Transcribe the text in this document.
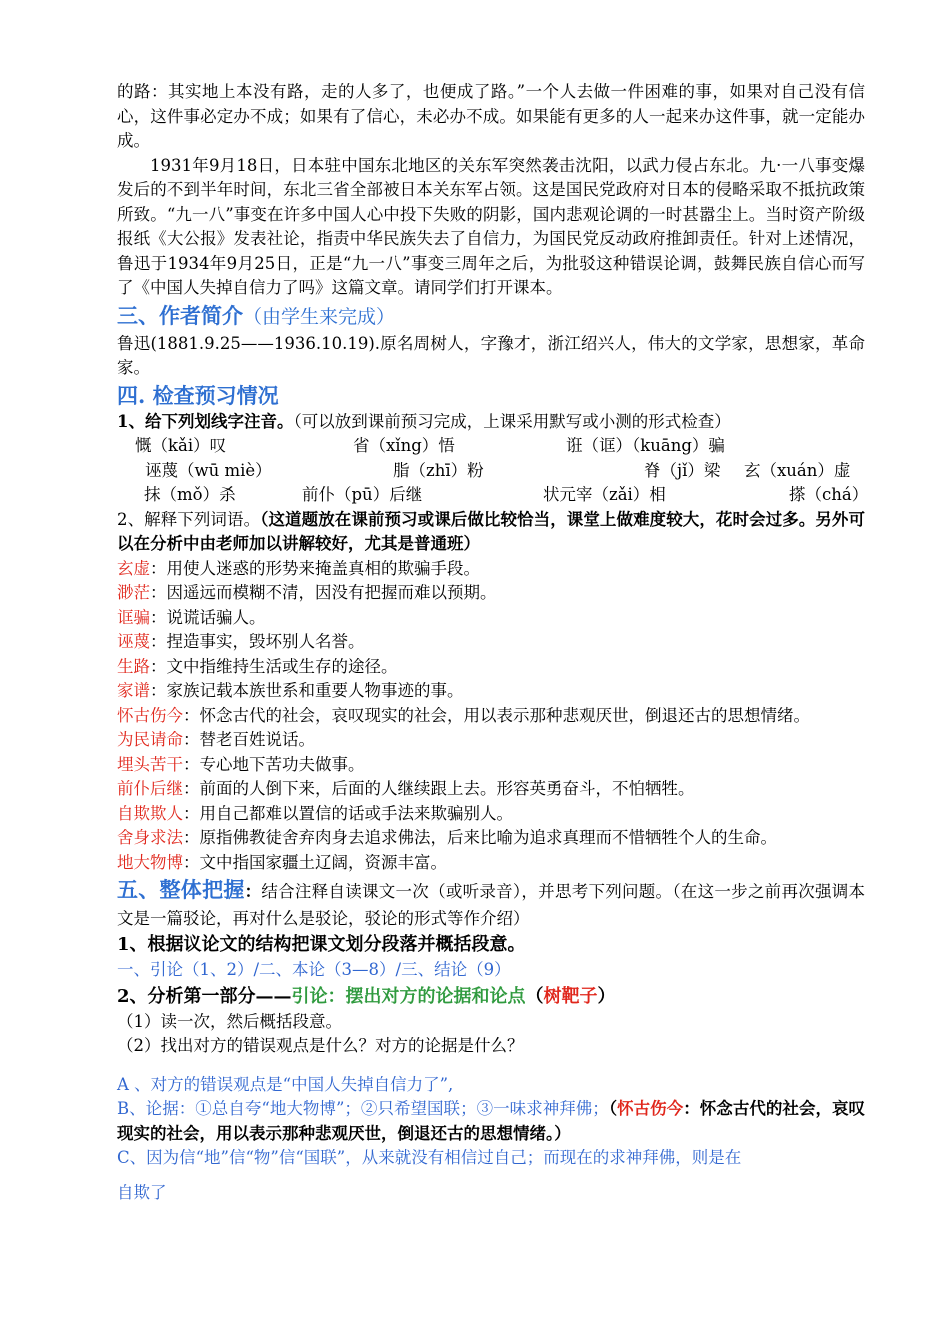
的路：其实地上本没有路，走的人多了，也便成了路。”一个人去做一件困难的事，如果对自己没有信心，这件事必定办不成；如果有了信心，未必办不成。如果能有更多的人一起来办这件事，就一定能办成。

1931年9月18日，日本驻中国东北地区的关东军突然袭击沈阳，以武力侵占东北。九·一八事变爆发后的不到半年时间，东北三省全部被日本关东军占领。这是国民党政府对日本的侵略采取不抵抗政策所致。“九一八”事变在许多中国人心中投下失败的阴影，国内悲观论调的一时甚嚣尘上。当时资产阶级报纸《大公报》发表社论，指责中华民族失去了自信力，为国民党反动政府推卸责任。针对上述情况，鲁迅于1934年9月25日，正是“九一八”事变三周年之后，为批驳这种错误论调，鼓舞民族自信心而写了《中国人失掉自信力了吗》这篇文章。请同学们打开课本。

三、作者简介（由学生来完成）

鲁迅(1881.9.25——1936.10.19).原名周树人，字豫才，浙江绍兴人，伟大的文学家，思想家，革命家。

四. 检查预习情况

1、给下列划线字注音。（可以放到课前预习完成，上课采用默写或小测的形式检查）

慨（kǎi）叹	省（xǐng）悟	诳（诓）（kuāng）骗
诬蔑（wū miè）	脂（zhī）粉	脊（jǐ）梁 玄（xuán）虚
抹（mǒ）杀	前仆（pū）后继	状元宰（zǎi）相	搽（chá）

2、解释下列词语。（这道题放在课前预习或课后做比较恰当，课堂上做难度较大，花时会过多。另外可以在分析中由老师加以讲解较好，尤其是普通班）

玄虚：用使人迷惑的形势来掩盖真相的欺骗手段。

渺茫：因遥远而模糊不清，因没有把握而难以预期。

诓骗：说谎话骗人。

诬蔑：捏造事实，毁坏别人名誉。

生路：文中指维持生活或生存的途径。

家谱：家族记载本族世系和重要人物事迹的事。

怀古伤今：怀念古代的社会，哀叹现实的社会，用以表示那种悲观厌世，倒退还古的思想情绪。

为民请命：替老百姓说话。

埋头苦干：专心地下苦功夫做事。

前仆后继：前面的人倒下来，后面的人继续跟上去。形容英勇奋斗，不怕牺牲。

自欺欺人：用自己都难以置信的话或手法来欺骗别人。

舍身求法：原指佛教徒舍弃肉身去追求佛法，后来比喻为追求真理而不惜牺牲个人的生命。

地大物博：文中指国家疆土辽阔，资源丰富。

五、整体把握：结合注释自读课文一次（或听录音），并思考下列问题。（在这一步之前再次强调本文是一篇驳论，再对什么是驳论，驳论的形式等作介绍）

1、根据议论文的结构把课文划分段落并概括段意。

一、引论（1、2）/二、本论（3—8）/三、结论（9）

2、分析第一部分——引论：摆出对方的论据和论点（树靶子）

（1）读一次，然后概括段意。

（2）找出对方的错误观点是什么？对方的论据是什么？

A 、对方的错误观点是“中国人失掉自信力了”,

B、论据：①总自夸“地大物博”；②只希望国联；③一味求神拜佛；（怀古伤今：怀念古代的社会，哀叹现实的社会，用以表示那种悲观厌世，倒退还古的思想情绪。）

C、因为信“地”信“物”信“国联”，从来就没有相信过自己；而现在的求神拜佛，则是在

自欺了
